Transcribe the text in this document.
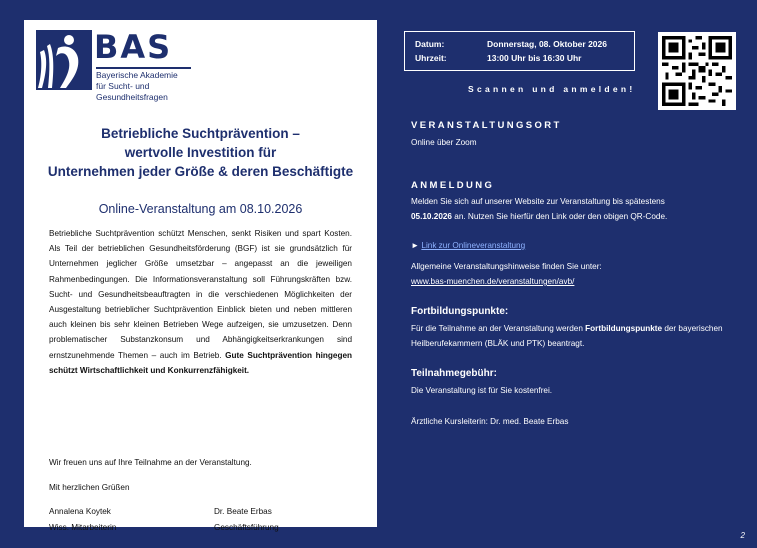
BAS
Bayerische Akademie
für Sucht- und
Gesundheitsfragen
Betriebliche Suchtprävention –
wertvolle Investition für
Unternehmen jeder Größe & deren Beschäftigte
Online-Veranstaltung am 08.10.2026
Betriebliche Suchtprävention schützt Menschen, senkt Risiken und spart Kosten. Als Teil der betrieblichen Gesundheitsförderung (BGF) ist sie grundsätzlich für Unternehmen jeglicher Größe umsetzbar – angepasst an die jeweiligen Rahmenbedingungen. Die Informationsveranstaltung soll Führungskräften bzw. Sucht- und Gesundheitsbeauftragten in die verschiedenen Möglichkeiten der Ausgestaltung betrieblicher Suchtprävention Einblick bieten und neben mittleren auch kleinen bis sehr kleinen Betrieben Wege aufzeigen, sie umzusetzen. Denn problematischer Substanzkonsum und Abhängigkeitserkrankungen sind ernstzunehmende Themen – auch im Betrieb. Gute Suchtprävention hingegen schützt Wirtschaftlichkeit und Konkurrenzfähigkeit.
Wir freuen uns auf Ihre Teilnahme an der Veranstaltung.
Mit herzlichen Grüßen
Annalena Koytek
Wiss. Mitarbeiterin
Dr. Beate Erbas
Geschäftsführung
Datum:	Donnerstag, 08. Oktober 2026
Uhrzeit:	13:00 Uhr bis 16:30 Uhr
Scannen und anmelden!
VERANSTALTUNGSORT
Online über Zoom
ANMELDUNG
Melden Sie sich auf unserer Website zur Veranstaltung bis spätestens
05.10.2026 an. Nutzen Sie hierfür den Link oder den obigen QR-Code.
► Link zur Onlineveranstaltung
Allgemeine Veranstaltungshinweise finden Sie unter:
www.bas-muenchen.de/veranstaltungen/avb/
Fortbildungspunkte:
Für die Teilnahme an der Veranstaltung werden Fortbildungspunkte der bayerischen Heilberufekammern (BLÄK und PTK) beantragt.
Teilnahmegebühr:
Die Veranstaltung ist für Sie kostenfrei.
Ärztliche Kursleiterin: Dr. med. Beate Erbas
2
